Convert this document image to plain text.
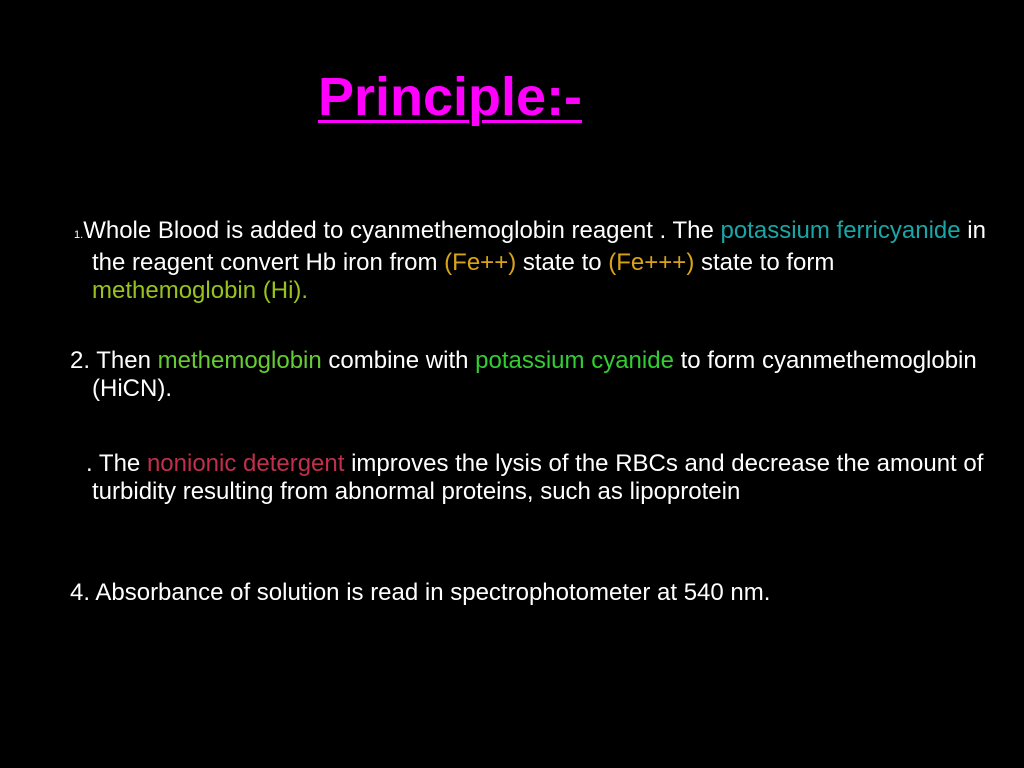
Principle:-

1.Whole Blood is added to cyanmethemoglobin reagent . The potassium ferricyanide in the reagent convert Hb iron from (Fe++) state to (Fe+++) state to form methemoglobin (Hi).

2. Then methemoglobin combine with potassium cyanide to form cyanmethemoglobin (HiCN).

. The nonionic detergent improves the lysis of the RBCs and decrease the amount of turbidity resulting from abnormal proteins, such as lipoprotein

4. Absorbance of solution is read in spectrophotometer at 540 nm.
